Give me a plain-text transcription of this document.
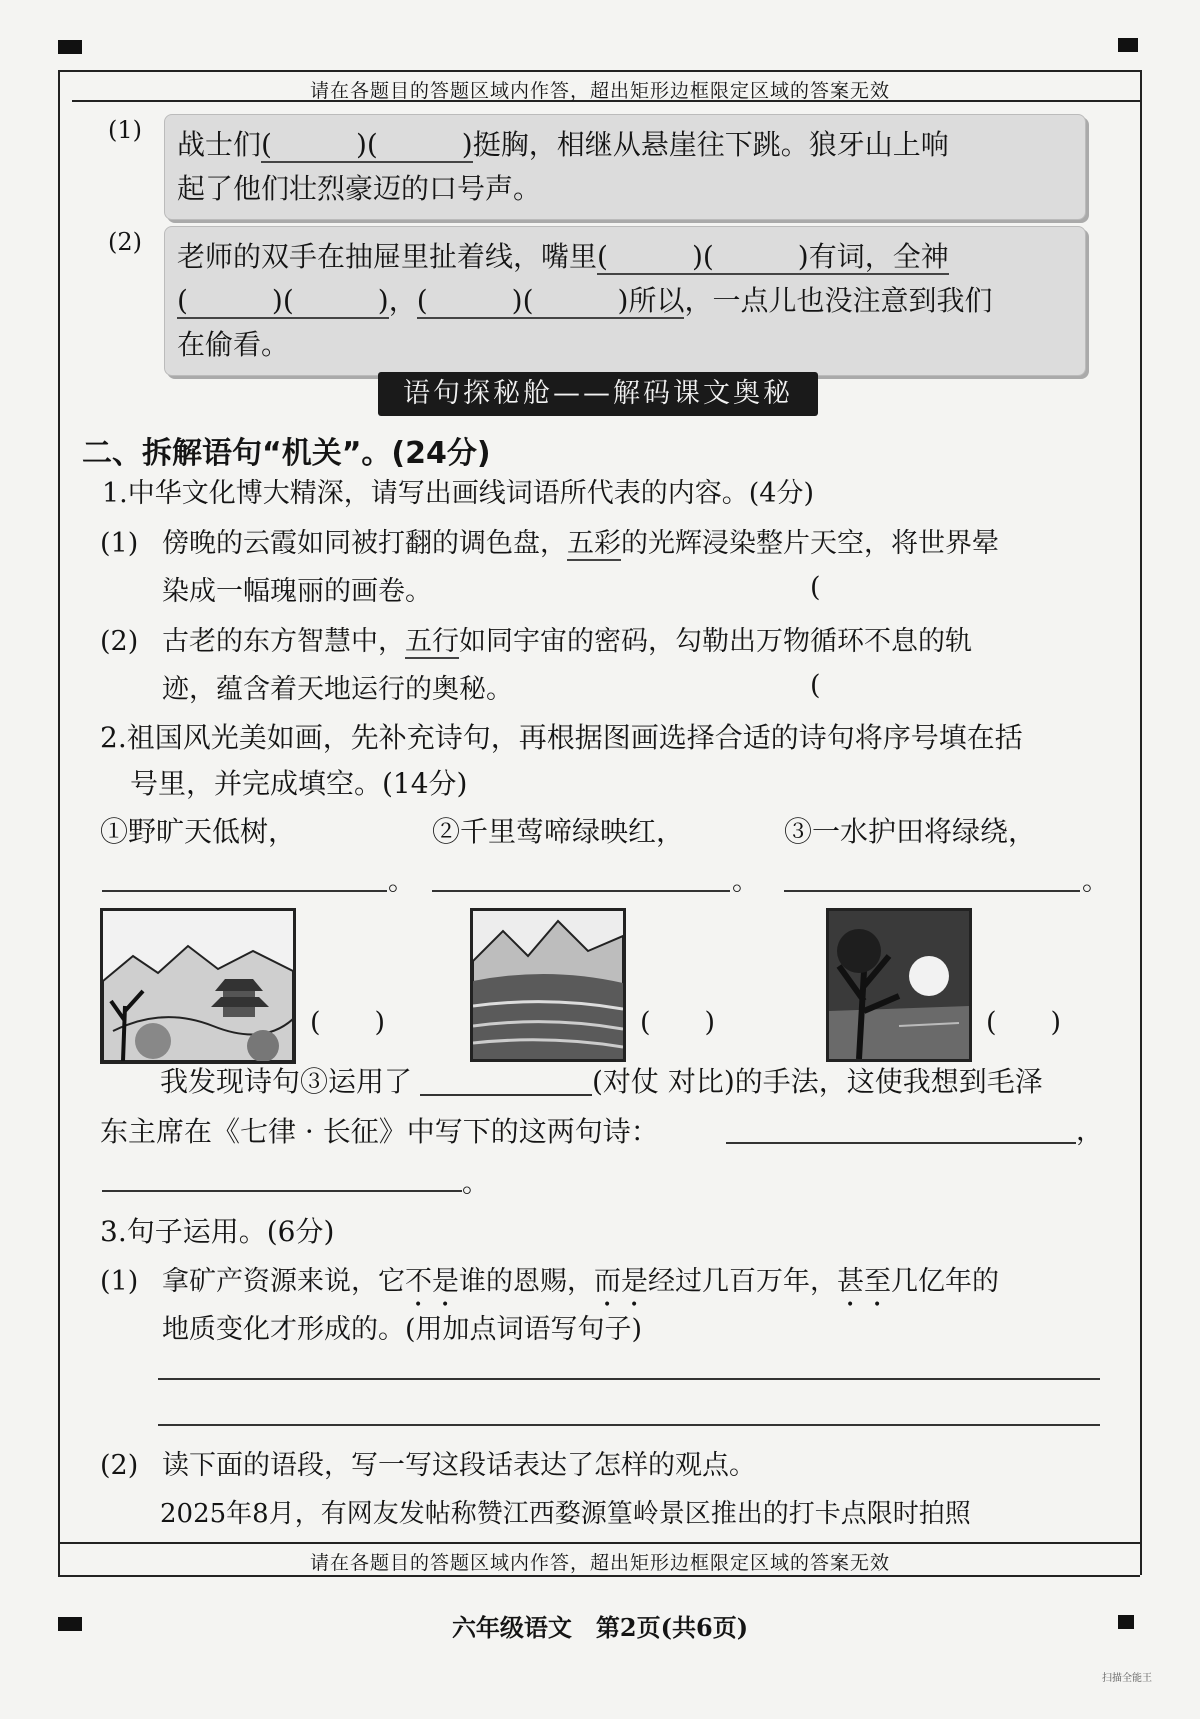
请在各题目的答题区域内作答，超出矩形边框限定区域的答案无效
请在各题目的答题区域内作答，超出矩形边框限定区域的答案无效
(1)	战士们(　　　)(　　　)挺胸，相继从悬崖往下跳。狼牙山上响
起了他们壮烈豪迈的口号声。
(2)	老师的双手在抽屉里扯着线，嘴里(　　　)(　　　)有词，全神
(　　　)(　　　)，(　　　)(　　　)所以，一点儿也没注意到我们
在偷看。
语句探秘舱——解码课文奥秘
二、拆解语句“机关”。(24分)
1.中华文化博大精深，请写出画线词语所代表的内容。(4分)
(1) 傍晚的云霞如同被打翻的调色盘，五彩的光辉浸染整片天空，将世界晕
染成一幅瑰丽的画卷。	(
(2) 古老的东方智慧中，五行如同宇宙的密码，勾勒出万物循环不息的轨
迹，蕴含着天地运行的奥秘。	(
2.祖国风光美如画，先补充诗句，再根据图画选择合适的诗句将序号填在括
号里，并完成填空。(14分)
①野旷天低树，	②千里莺啼绿映红，	③一水护田将绿绕，
。	。	。
(　　)	(　　)	(　　)
我发现诗句③运用了	(对仗 对比)的手法，这使我想到毛泽
东主席在《七律 · 长征》中写下的这两句诗：	，
。
3.句子运用。(6分)
(1) 拿矿产资源来说，它不是谁的恩赐，而是经过几百万年，甚至几亿年的
地质变化才形成的。(用加点词语写句子)
(2) 读下面的语段，写一写这段话表达了怎样的观点。
2025年8月，有网友发帖称赞江西婺源篁岭景区推出的打卡点限时拍照
六年级语文　第2页(共6页)
扫描全能王
